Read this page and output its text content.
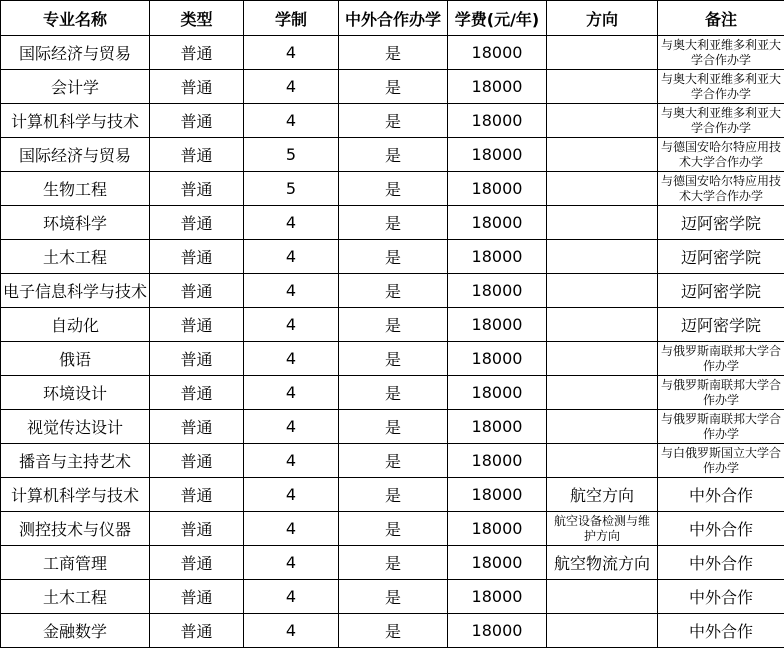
专业名称	类型	学制	中外合作办学	学费(元/年)	方向	备注
国际经济与贸易	普通	4	是	18000		与奥大利亚维多利亚大学合作办学
会计学	普通	4	是	18000		与奥大利亚维多利亚大学合作办学
计算机科学与技术	普通	4	是	18000		与奥大利亚维多利亚大学合作办学
国际经济与贸易	普通	5	是	18000		与德国安哈尔特应用技术大学合作办学
生物工程	普通	5	是	18000		与德国安哈尔特应用技术大学合作办学
环境科学	普通	4	是	18000		迈阿密学院
土木工程	普通	4	是	18000		迈阿密学院
电子信息科学与技术	普通	4	是	18000		迈阿密学院
自动化	普通	4	是	18000		迈阿密学院
俄语	普通	4	是	18000		与俄罗斯南联邦大学合作办学
环境设计	普通	4	是	18000		与俄罗斯南联邦大学合作办学
视觉传达设计	普通	4	是	18000		与俄罗斯南联邦大学合作办学
播音与主持艺术	普通	4	是	18000		与白俄罗斯国立大学合作办学
计算机科学与技术	普通	4	是	18000	航空方向	中外合作
测控技术与仪器	普通	4	是	18000	航空设备检测与维护方向	中外合作
工商管理	普通	4	是	18000	航空物流方向	中外合作
土木工程	普通	4	是	18000		中外合作
金融数学	普通	4	是	18000		中外合作
